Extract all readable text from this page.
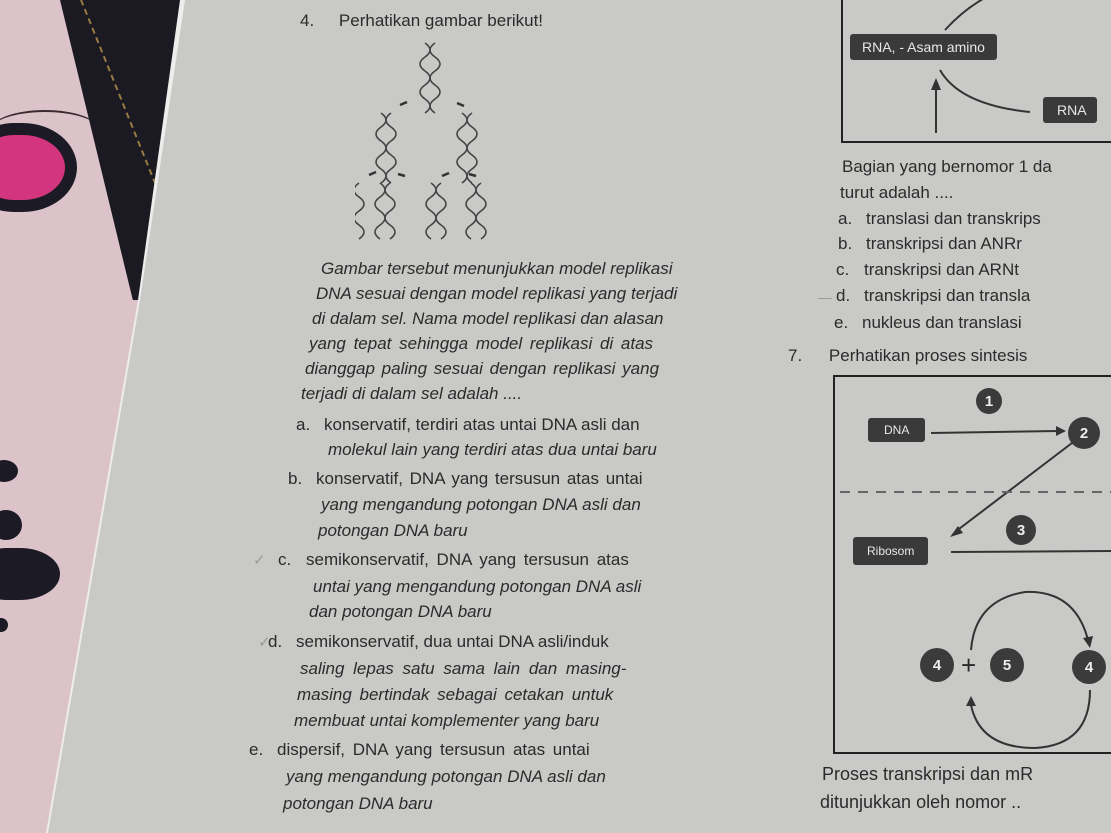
4. Perhatikan gambar berikut!
Gambar tersebut menunjukkan model replikasi
DNA sesuai dengan model replikasi yang terjadi
di dalam sel. Nama model replikasi dan alasan
yang tepat sehingga model replikasi di atas
dianggap paling sesuai dengan replikasi yang
terjadi di dalam sel adalah ....
a. konservatif, terdiri atas untai DNA asli dan
molekul lain yang terdiri atas dua untai baru
b. konservatif, DNA yang tersusun atas untai
yang mengandung potongan DNA asli dan
potongan DNA baru
✓ c. semikonservatif, DNA yang tersusun atas
untai yang mengandung potongan DNA asli
dan potongan DNA baru
✓
d. semikonservatif, dua untai DNA asli/induk
saling lepas satu sama lain dan masing-
masing bertindak sebagai cetakan untuk
membuat untai komplementer yang baru
e. dispersif, DNA yang tersusun atas untai
yang mengandung potongan DNA asli dan
potongan DNA baru
RNA, - Asam amino
RNA
Bagian yang bernomor 1 da
turut adalah ....
a. translasi dan transkrips
b. transkripsi dan ANRr
c. transkripsi dan ARNt
— d. transkripsi dan transla
e. nukleus dan translasi
7. Perhatikan proses sintesis
DNA
Ribosom
1
2
3
4 +	5	4
Proses transkripsi dan mR
ditunjukkan oleh nomor ..
